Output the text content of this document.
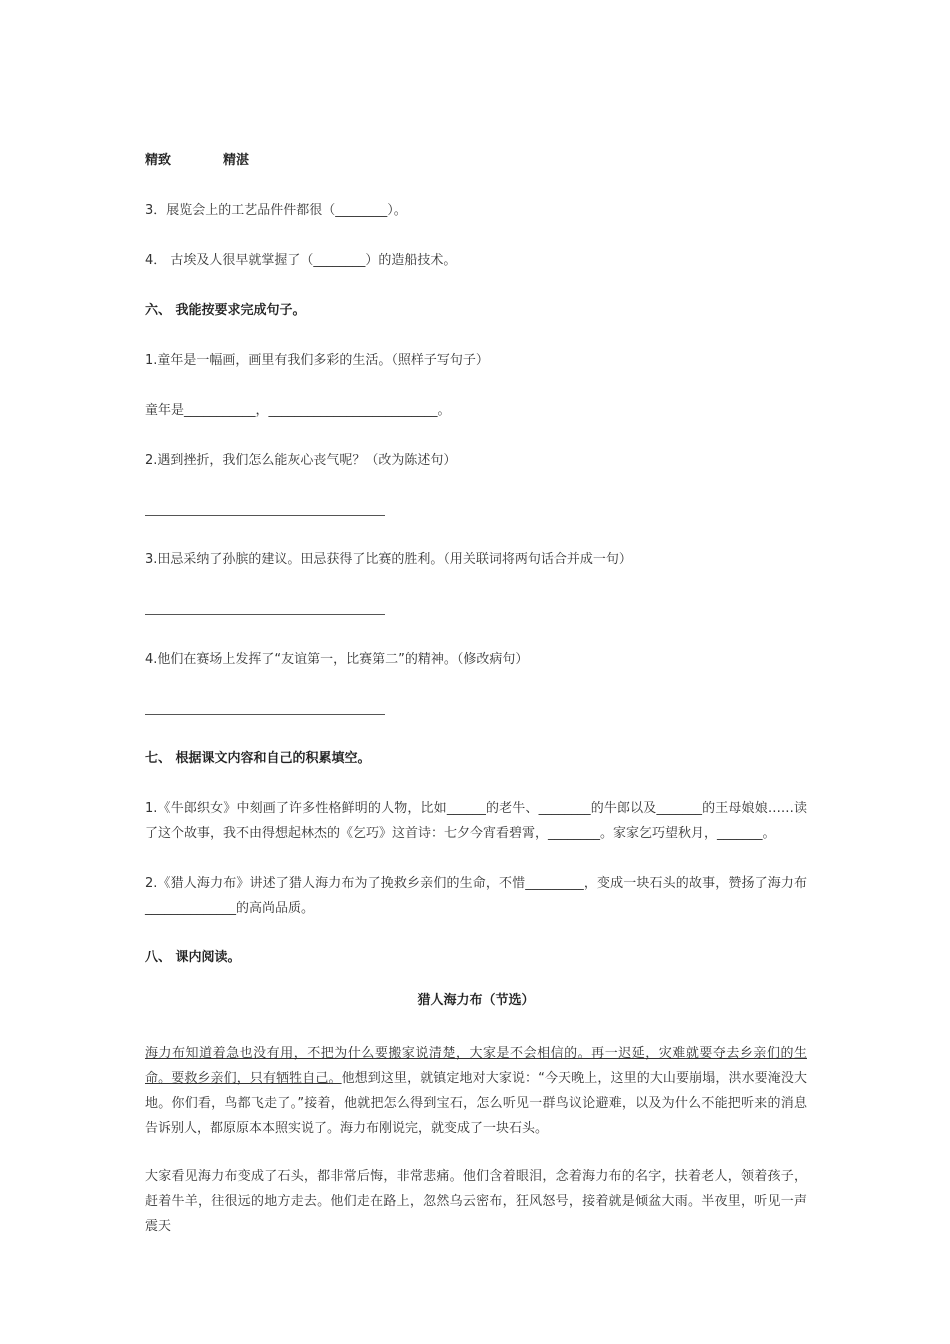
精致	精湛
3．展览会上的工艺品件件都很（________）。
4． 古埃及人很早就掌握了（________）的造船技术。
六、 我能按要求完成句子。
1.童年是一幅画，画里有我们多彩的生活。（照样子写句子）
童年是___________，__________________________。
2.遇到挫折，我们怎么能灰心丧气呢？（改为陈述句）
3.田忌采纳了孙膑的建议。田忌获得了比赛的胜利。（用关联词将两句话合并成一句）
4.他们在赛场上发挥了“友谊第一，比赛第二”的精神。（修改病句）
七、 根据课文内容和自己的积累填空。
1.《牛郎织女》中刻画了许多性格鲜明的人物，比如______的老牛、________的牛郎以及_______的王母娘娘……读了这个故事，我不由得想起林杰的《乞巧》这首诗：七夕今宵看碧霄，________。家家乞巧望秋月，_______。
2.《猎人海力布》讲述了猎人海力布为了挽救乡亲们的生命，不惜_________，变成一块石头的故事，赞扬了海力布______________的高尚品质。
八、 课内阅读。
猎人海力布（节选）
海力布知道着急也没有用，不把为什么要搬家说清楚，大家是不会相信的。再一迟延，灾难就要夺去乡亲们的生命。要救乡亲们，只有牺牲自己。他想到这里，就镇定地对大家说：“今天晚上，这里的大山要崩塌，洪水要淹没大地。你们看，鸟都飞走了。”接着，他就把怎么得到宝石，怎么听见一群鸟议论避难，以及为什么不能把听来的消息告诉别人，都原原本本照实说了。海力布刚说完，就变成了一块石头。
大家看见海力布变成了石头，都非常后悔，非常悲痛。他们含着眼泪，念着海力布的名字，扶着老人，领着孩子，赶着牛羊，往很远的地方走去。他们走在路上，忽然乌云密布，狂风怒号，接着就是倾盆大雨。半夜里，听见一声震天
